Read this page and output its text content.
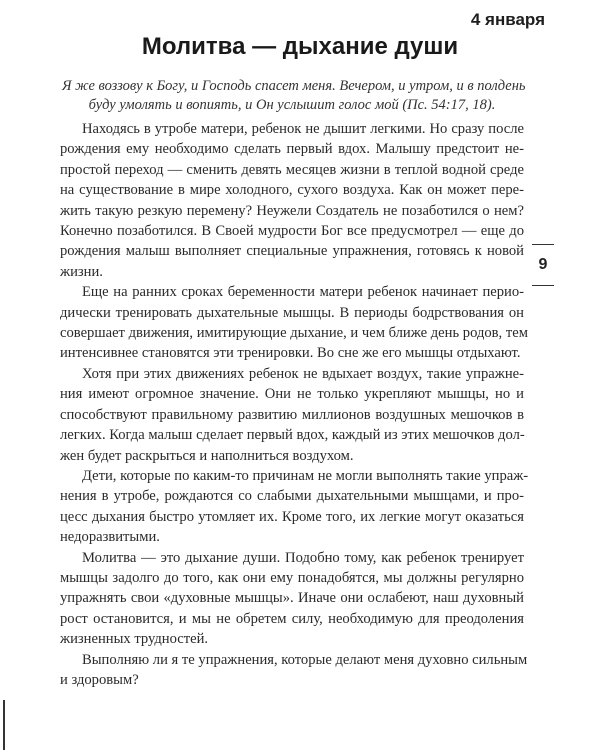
4 января
Молитва — дыхание души
Я же воззову к Богу, и Господь спасет меня. Вечером, и утром, и в полдень
буду умолять и вопиять, и Он услышит голос мой (Пс. 54:17, 18).

Находясь в утробе матери, ребенок не дышит легкими. Но сразу после
рождения ему необходимо сделать первый вдох. Малышу предстоит не-
простой переход — сменить девять месяцев жизни в теплой водной среде
на существование в мире холодного, сухого воздуха. Как он может пере-
жить такую резкую перемену? Неужели Создатель не позаботился о нем?
Конечно позаботился. В Своей мудрости Бог все предусмотрел — еще до
рождения малыш выполняет специальные упражнения, готовясь к новой
жизни.

Еще на ранних сроках беременности матери ребенок начинает перио-
дически тренировать дыхательные мышцы. В периоды бодрствования он
совершает движения, имитирующие дыхание, и чем ближе день родов, тем
интенсивнее становятся эти тренировки. Во сне же его мышцы отдыхают.

Хотя при этих движениях ребенок не вдыхает воздух, такие упражне-
ния имеют огромное значение. Они не только укрепляют мышцы, но и
способствуют правильному развитию миллионов воздушных мешочков в
легких. Когда малыш сделает первый вдох, каждый из этих мешочков дол-
жен будет раскрыться и наполниться воздухом.

Дети, которые по каким-то причинам не могли выполнять такие упраж-
нения в утробе, рождаются со слабыми дыхательными мышцами, и про-
цесс дыхания быстро утомляет их. Кроме того, их легкие могут оказаться
недоразвитыми.

Молитва — это дыхание души. Подобно тому, как ребенок тренирует
мышцы задолго до того, как они ему понадобятся, мы должны регулярно
упражнять свои «духовные мышцы». Иначе они ослабеют, наш духовный
рост остановится, и мы не обретем силу, необходимую для преодоления
жизненных трудностей.

Выполняю ли я те упражнения, которые делают меня духовно сильным
и здоровым?

9
